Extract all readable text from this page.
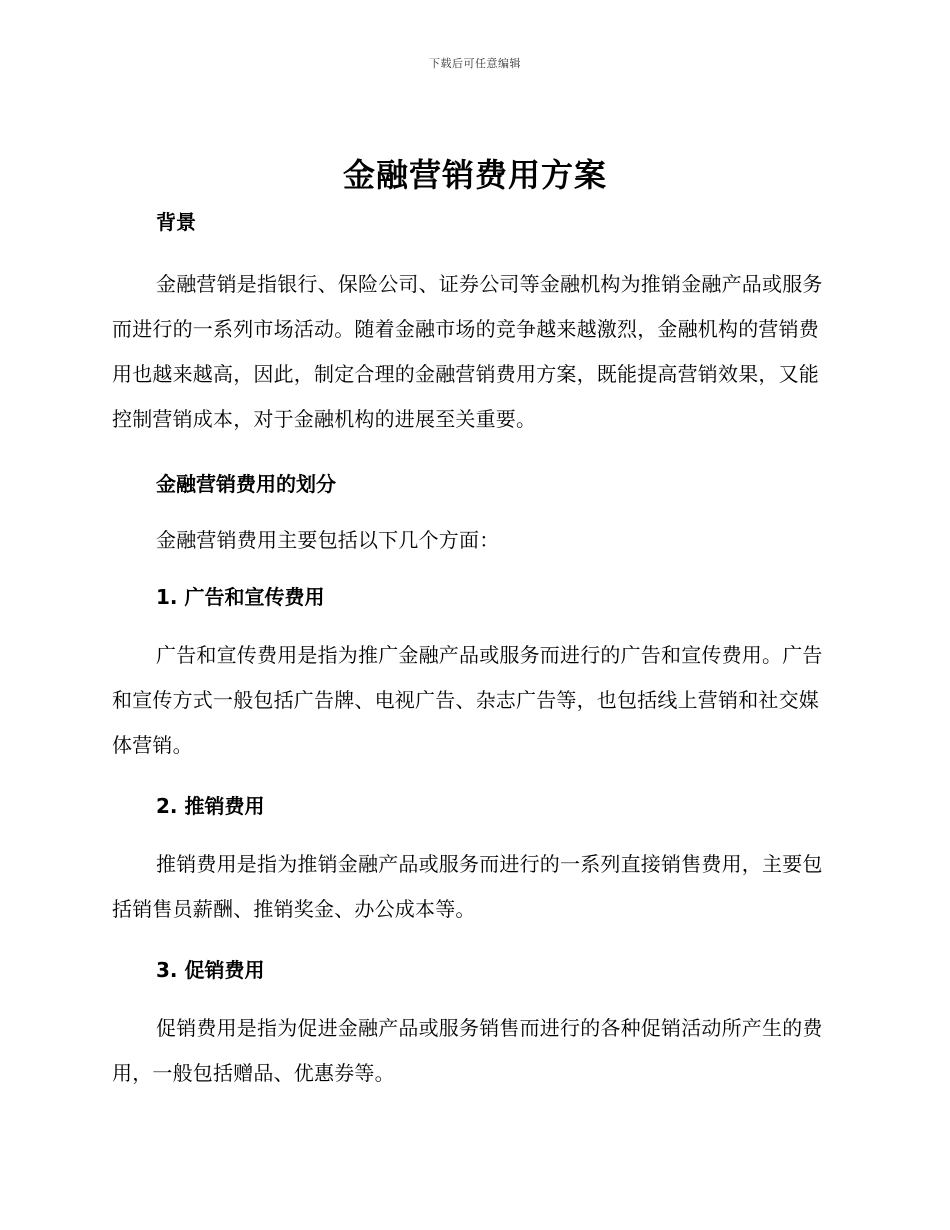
下载后可任意编辑
金融营销费用方案

背景

金融营销是指银行、保险公司、证券公司等金融机构为推销金融产品或服务而进行的一系列市场活动。随着金融市场的竞争越来越激烈，金融机构的营销费用也越来越高，因此，制定合理的金融营销费用方案，既能提高营销效果，又能控制营销成本，对于金融机构的进展至关重要。

金融营销费用的划分

金融营销费用主要包括以下几个方面：

1. 广告和宣传费用

广告和宣传费用是指为推广金融产品或服务而进行的广告和宣传费用。广告和宣传方式一般包括广告牌、电视广告、杂志广告等，也包括线上营销和社交媒体营销。

2. 推销费用

推销费用是指为推销金融产品或服务而进行的一系列直接销售费用，主要包括销售员薪酬、推销奖金、办公成本等。

3. 促销费用

促销费用是指为促进金融产品或服务销售而进行的各种促销活动所产生的费用，一般包括赠品、优惠券等。
